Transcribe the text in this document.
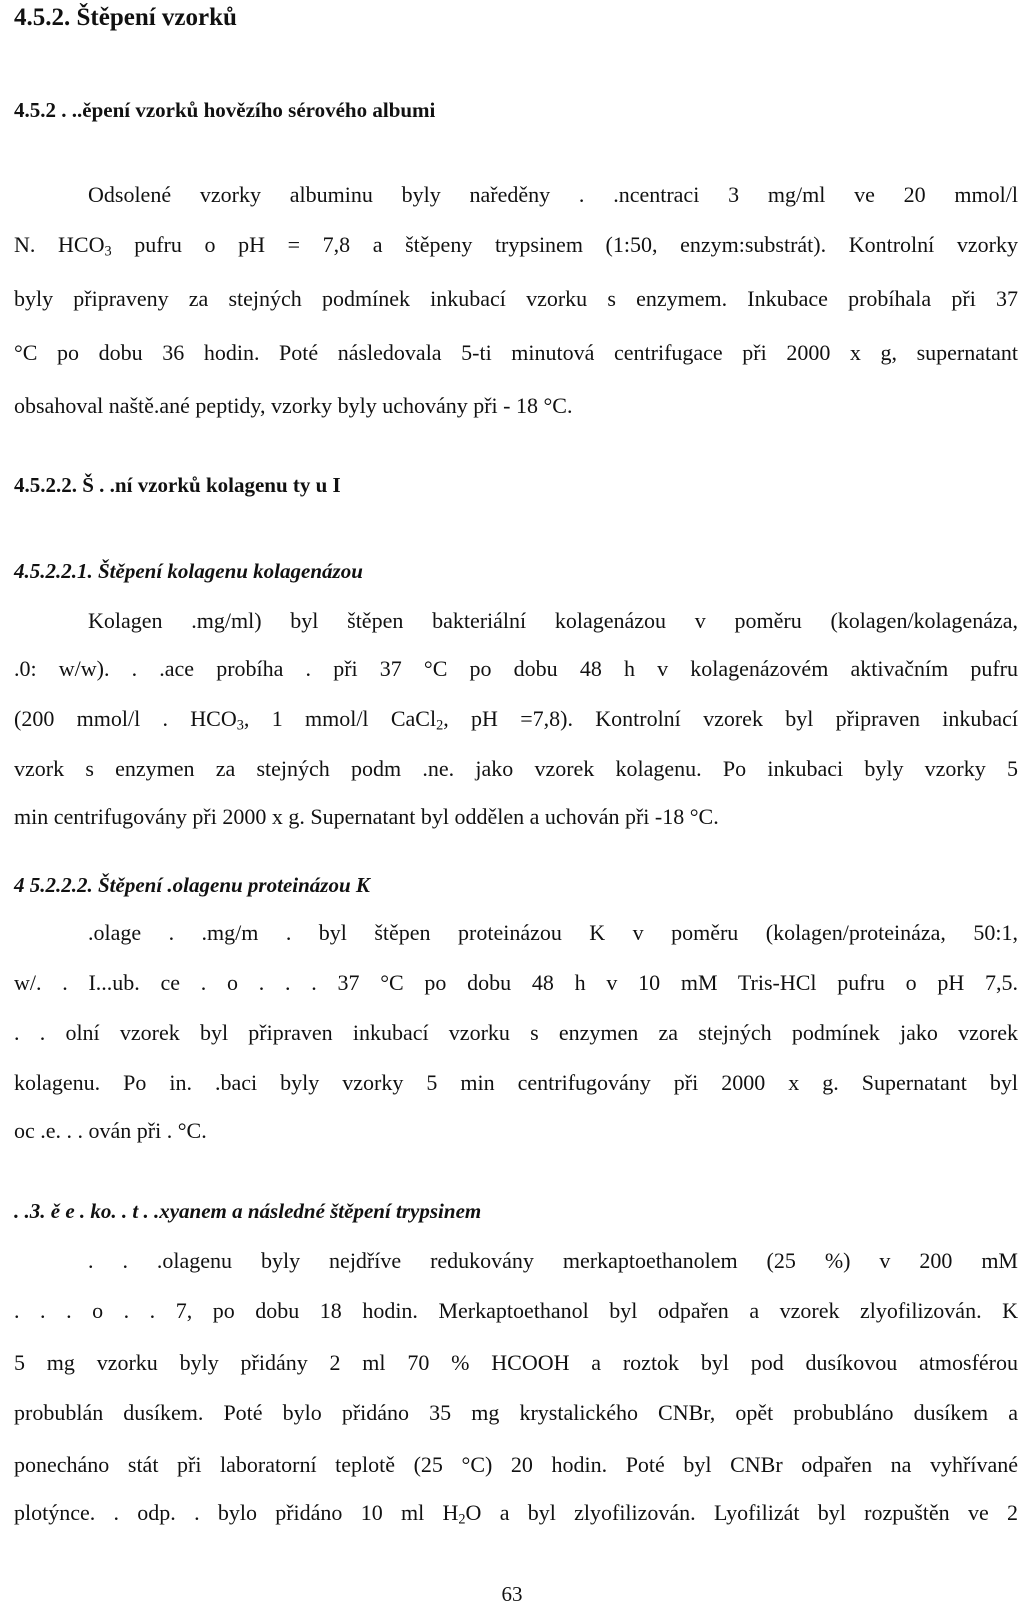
4.5.2. Štěpení vzorků
4.5.2 . ..ěpení vzorků hovězího sérového albumi
Odsolené vzorky albuminu byly naředěny . .ncentraci 3 mg/ml ve 20 mmol/l
N. $HCO_3$ pufru o pH = 7,8 a štěpeny trypsinem (1:50, enzym:substrát). Kontrolní vzorky
byly připraveny za stejných podmínek inkubací vzorku s enzymem. Inkubace probíhala při 37
°C po dobu 36 hodin. Poté následovala 5-ti minutová centrifugace při 2000 x g, supernatant
obsahoval naště.ané peptidy, vzorky byly uchovány při - 18 °C.
4.5.2.2. Š . .ní vzorků kolagenu ty u I
4.5.2.2.1. Štěpení kolagenu kolagenázou
Kolagen .mg/ml) byl štěpen bakteriální kolagenázou v poměru (kolagen/kolagenáza,
.0: w/w). . .ace probíha . při 37 °C po dobu 48 h v kolagenázovém aktivačním pufru
(200 mmol/l . $HCO_3$, 1 mmol/l CaCl$_2$, pH =7,8). Kontrolní vzorek byl připraven inkubací
vzork s enzymen za stejných podm .ne. jako vzorek kolagenu. Po inkubaci byly vzorky 5
min centrifugovány při 2000 x g. Supernatant byl oddělen a uchován při -18 °C.
4 5.2.2.2. Štěpení .olagenu proteinázou K
.olage . .mg/m . byl štěpen proteinázou K v poměru (kolagen/proteináza, 50:1,
w/. . I...ub. ce . o . . . 37 °C po dobu 48 h v 10 mM Tris-HCl pufru o pH 7,5.
. . olní vzorek byl připraven inkubací vzorku s enzymen za stejných podmínek jako vzorek
kolagenu. Po in. .baci byly vzorky 5 min centrifugovány při 2000 x g. Supernatant byl
oc .e. . . ován při . °C.
. .3. ě e . ko. . t . .xyanem a následné štěpení trypsinem
. . .olagenu byly nejdříve redukovány merkaptoethanolem (25 %) v 200 mM
. . . o . . 7, po dobu 18 hodin. Merkaptoethanol byl odpařen a vzorek zlyofilizován. K
5 mg vzorku byly přidány 2 ml 70 % HCOOH a roztok byl pod dusíkovou atmosférou
probublán dusíkem. Poté bylo přidáno 35 mg krystalického CNBr, opět probubláno dusíkem a
ponecháno stát při laboratorní teplotě (25 °C) 20 hodin. Poté byl CNBr odpařen na vyhřívané
plotýnce. . odp. . bylo přidáno 10 ml $H_2O$ a byl zlyofilizován. Lyofilizát byl rozpuštěn ve 2
63
